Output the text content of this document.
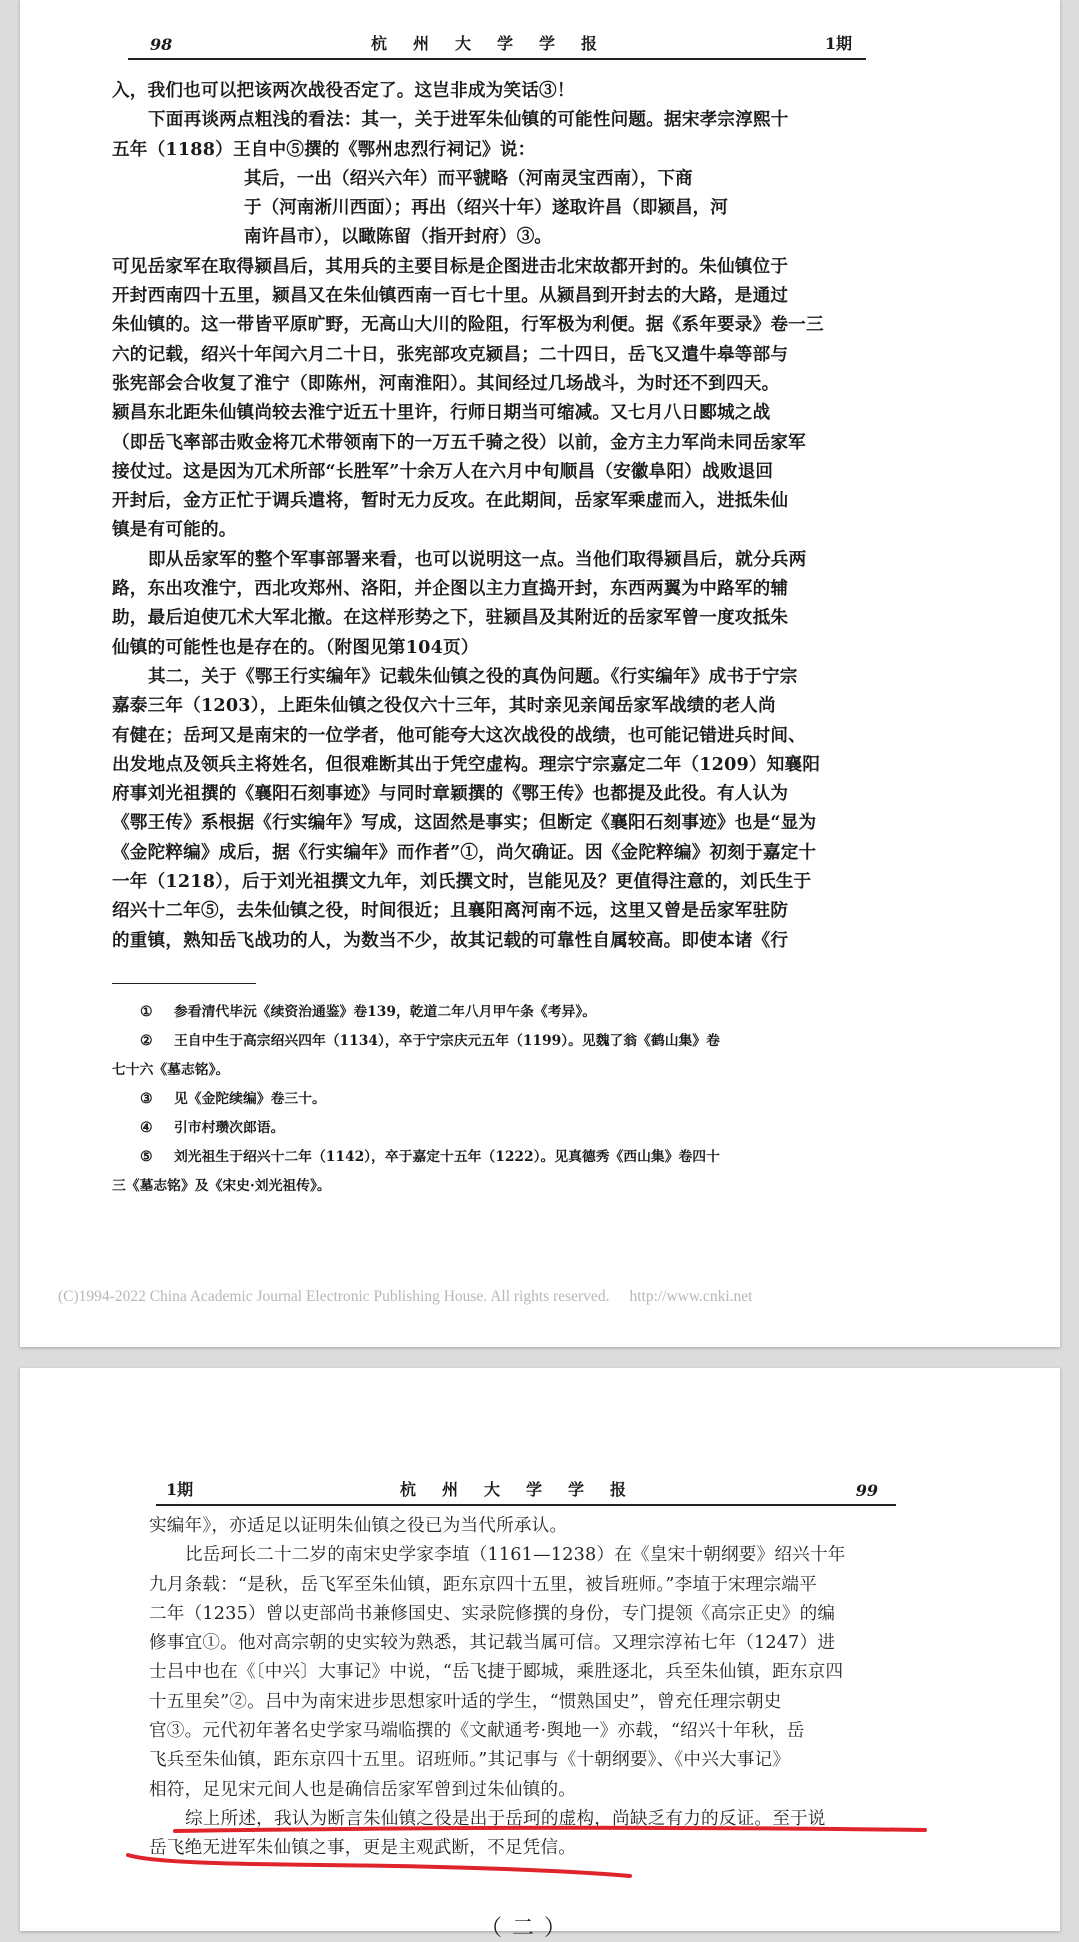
98	杭州大学学报	1期

入，我们也可以把该两次战役否定了。这岂非成为笑话③！

下面再谈两点粗浅的看法：其一，关于进军朱仙镇的可能性问题。据宋孝宗淳熙十

五年（1188）王自中⑤撰的《鄂州忠烈行祠记》说：

其后，一出（绍兴六年）而平虢略（河南灵宝西南），下商
于（河南淅川西面）；再出（绍兴十年）遂取许昌（即颍昌，河
南许昌市），以瞰陈留（指开封府）③。

可见岳家军在取得颍昌后，其用兵的主要目标是企图进击北宋故都开封的。朱仙镇位于

开封西南四十五里，颍昌又在朱仙镇西南一百七十里。从颍昌到开封去的大路，是通过

朱仙镇的。这一带皆平原旷野，无高山大川的险阻，行军极为利便。据《系年要录》卷一三

六的记载，绍兴十年闰六月二十日，张宪部攻克颍昌；二十四日，岳飞又遣牛皋等部与

张宪部会合收复了淮宁（即陈州，河南淮阳）。其间经过几场战斗，为时还不到四天。

颍昌东北距朱仙镇尚较去淮宁近五十里许，行师日期当可缩减。又七月八日郾城之战

（即岳飞率部击败金将兀术带领南下的一万五千骑之役）以前，金方主力军尚未同岳家军

接仗过。这是因为兀术所部“长胜军”十余万人在六月中旬顺昌（安徽阜阳）战败退回

开封后，金方正忙于调兵遣将，暂时无力反攻。在此期间，岳家军乘虚而入，进抵朱仙

镇是有可能的。

即从岳家军的整个军事部署来看，也可以说明这一点。当他们取得颍昌后，就分兵两

路，东出攻淮宁，西北攻郑州、洛阳，并企图以主力直捣开封，东西两翼为中路军的辅

助，最后迫使兀术大军北撤。在这样形势之下，驻颍昌及其附近的岳家军曾一度攻抵朱

仙镇的可能性也是存在的。（附图见第104页）

其二，关于《鄂王行实编年》记载朱仙镇之役的真伪问题。《行实编年》成书于宁宗

嘉泰三年（1203），上距朱仙镇之役仅六十三年，其时亲见亲闻岳家军战绩的老人尚

有健在；岳珂又是南宋的一位学者，他可能夸大这次战役的战绩，也可能记错进兵时间、

出发地点及领兵主将姓名，但很难断其出于凭空虚构。理宗宁宗嘉定二年（1209）知襄阳

府事刘光祖撰的《襄阳石刻事迹》与同时章颖撰的《鄂王传》也都提及此役。有人认为

《鄂王传》系根据《行实编年》写成，这固然是事实；但断定《襄阳石刻事迹》也是“显为

《金陀粹编》成后，据《行实编年》而作者”①，尚欠确证。因《金陀粹编》初刻于嘉定十

一年（1218），后于刘光祖撰文九年，刘氏撰文时，岂能见及？更值得注意的，刘氏生于

绍兴十二年⑤，去朱仙镇之役，时间很近；且襄阳离河南不远，这里又曾是岳家军驻防

的重镇，熟知岳飞战功的人，为数当不少，故其记载的可靠性自属较高。即使本诸《行

① 参看清代毕沅《续资治通鉴》卷139，乾道二年八月甲午条《考异》。

② 王自中生于高宗绍兴四年（1134），卒于宁宗庆元五年（1199）。见魏了翁《鹤山集》卷

七十六《墓志铭》。

③ 见《金陀续编》卷三十。

④ 引市村瓒次郎语。

⑤ 刘光祖生于绍兴十二年（1142），卒于嘉定十五年（1222）。见真德秀《西山集》卷四十

三《墓志铭》及《宋史·刘光祖传》。

(C)1994-2022 China Academic Journal Electronic Publishing House. All rights reserved. http://www.cnki.net
1期	杭州大学学报	99

实编年》，亦适足以证明朱仙镇之役已为当代所承认。

比岳珂长二十二岁的南宋史学家李埴（1161—1238）在《皇宋十朝纲要》绍兴十年

九月条载：“是秋，岳飞军至朱仙镇，距东京四十五里，被旨班师。”李埴于宋理宗端平

二年（1235）曾以吏部尚书兼修国史、实录院修撰的身份，专门提领《高宗正史》的编

修事宜①。他对高宗朝的史实较为熟悉，其记载当属可信。又理宗淳祐七年（1247）进

士吕中也在《〔中兴〕大事记》中说，“岳飞捷于郾城，乘胜逐北，兵至朱仙镇，距东京四

十五里矣”②。吕中为南宋进步思想家叶适的学生，“惯熟国史”，曾充任理宗朝史

官③。元代初年著名史学家马端临撰的《文献通考·舆地一》亦载，“绍兴十年秋，岳

飞兵至朱仙镇，距东京四十五里。诏班师。”其记事与《十朝纲要》、《中兴大事记》

相符，足见宋元间人也是确信岳家军曾到过朱仙镇的。

综上所述，我认为断言朱仙镇之役是出于岳珂的虚构，尚缺乏有力的反证。至于说

岳飞绝无进军朱仙镇之事，更是主观武断，不足凭信。

（二）
